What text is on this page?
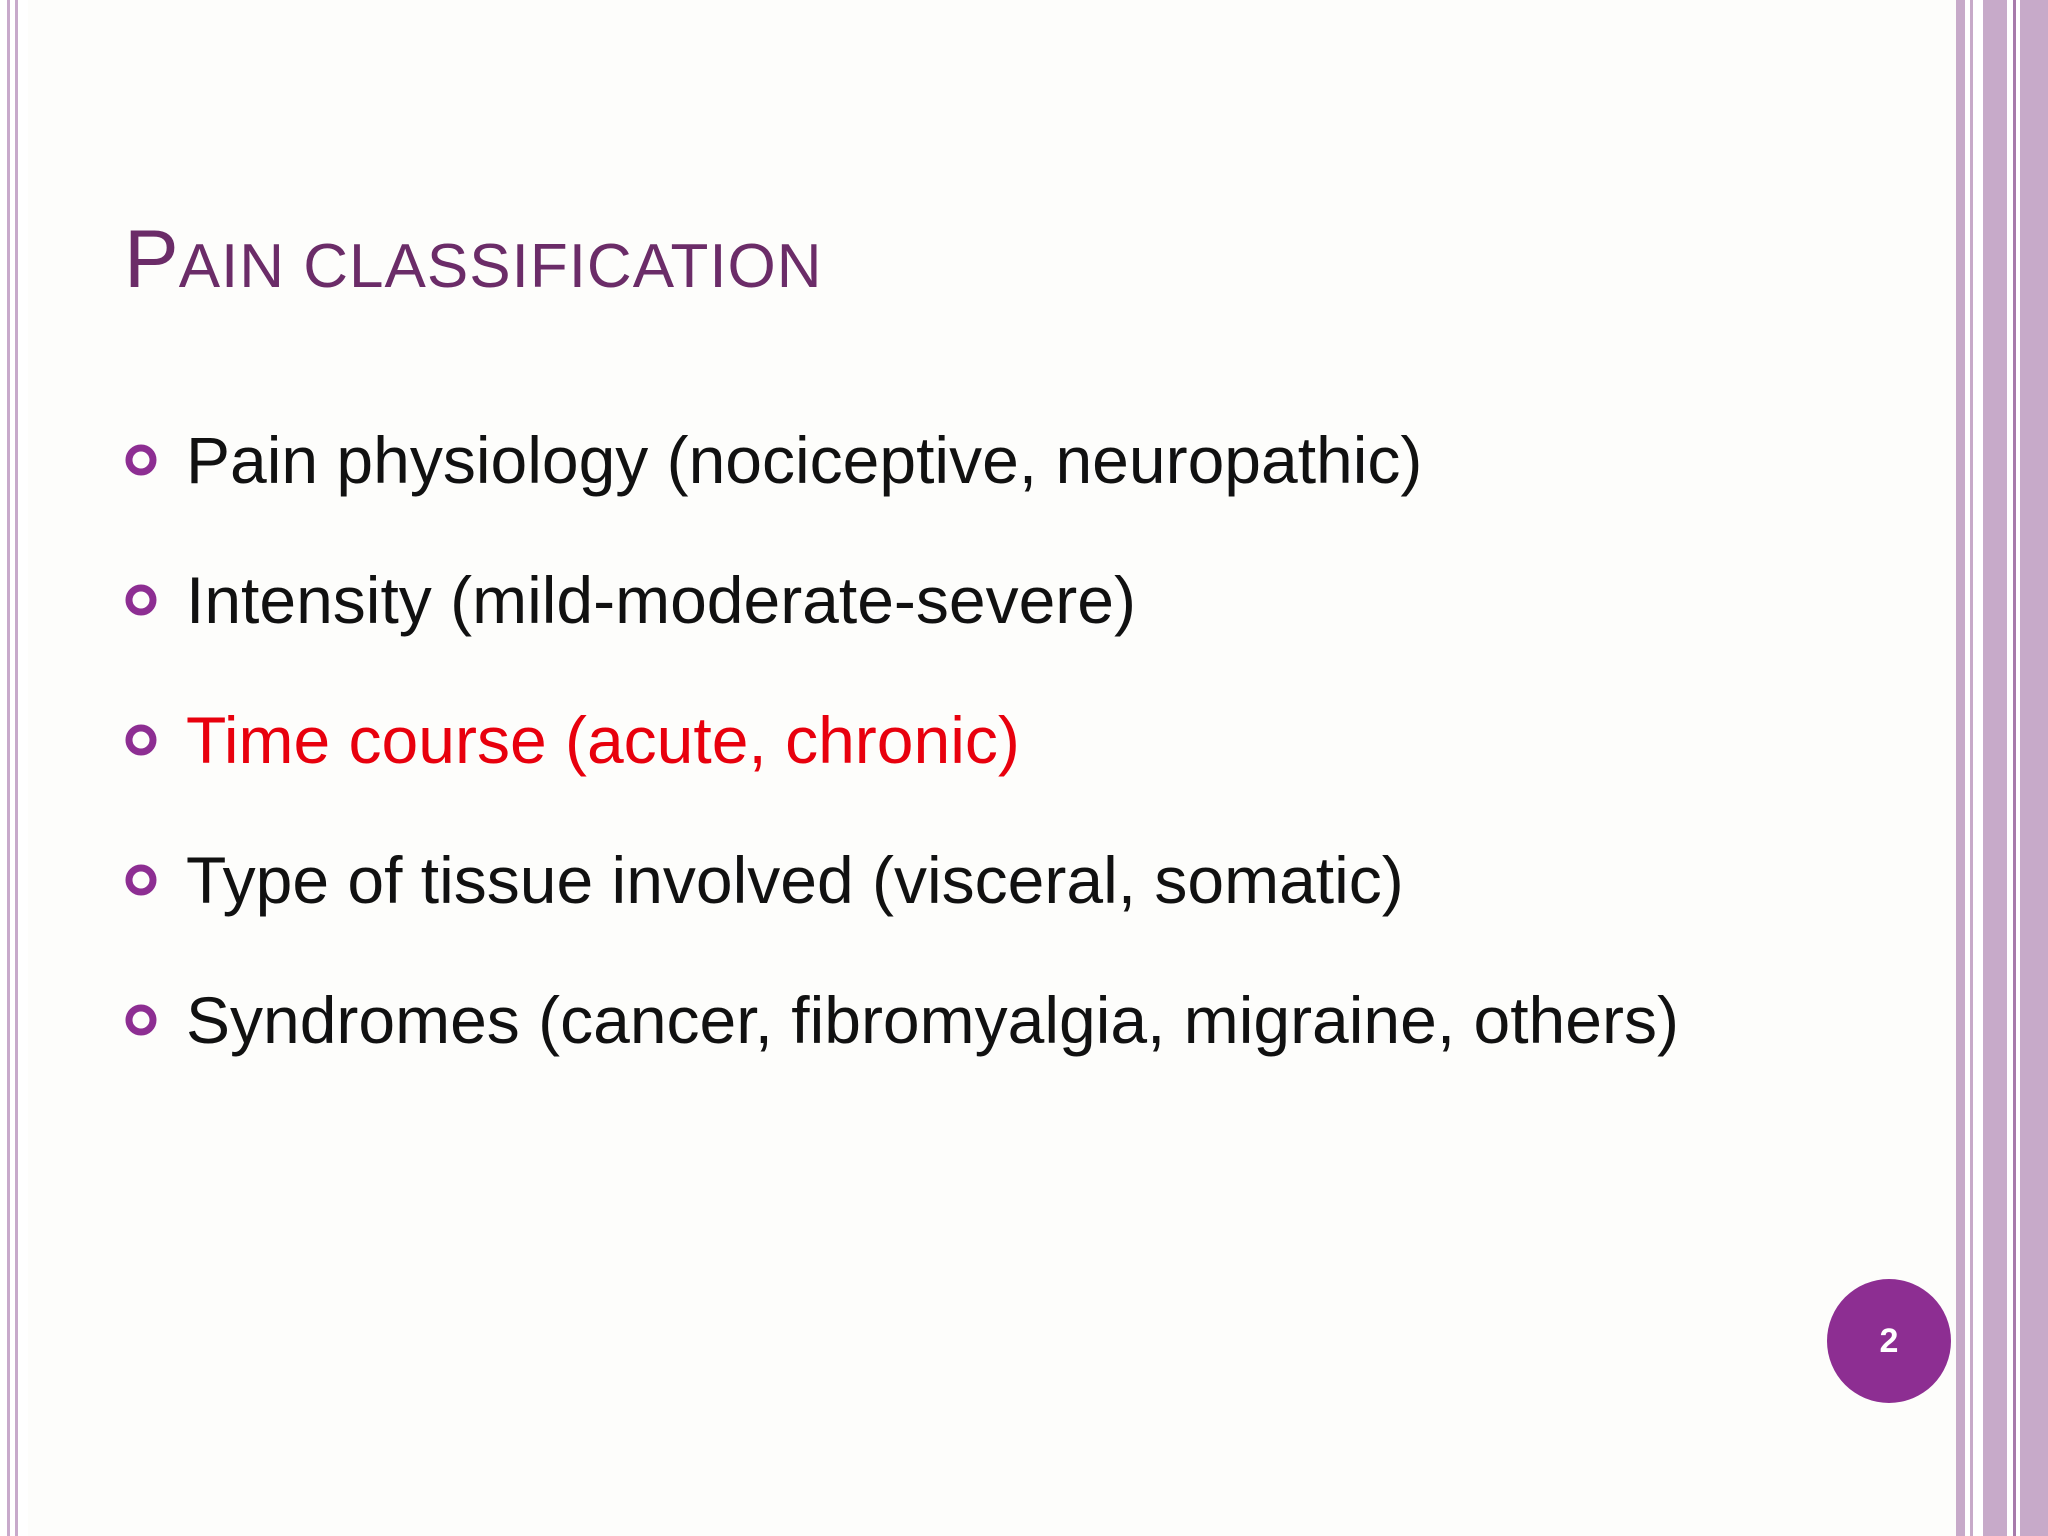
PAIN CLASSIFICATION
Pain physiology (nociceptive, neuropathic)
Intensity (mild-moderate-severe)
Time course (acute, chronic)
Type of tissue involved (visceral, somatic)
Syndromes (cancer, fibromyalgia, migraine, others)
2
